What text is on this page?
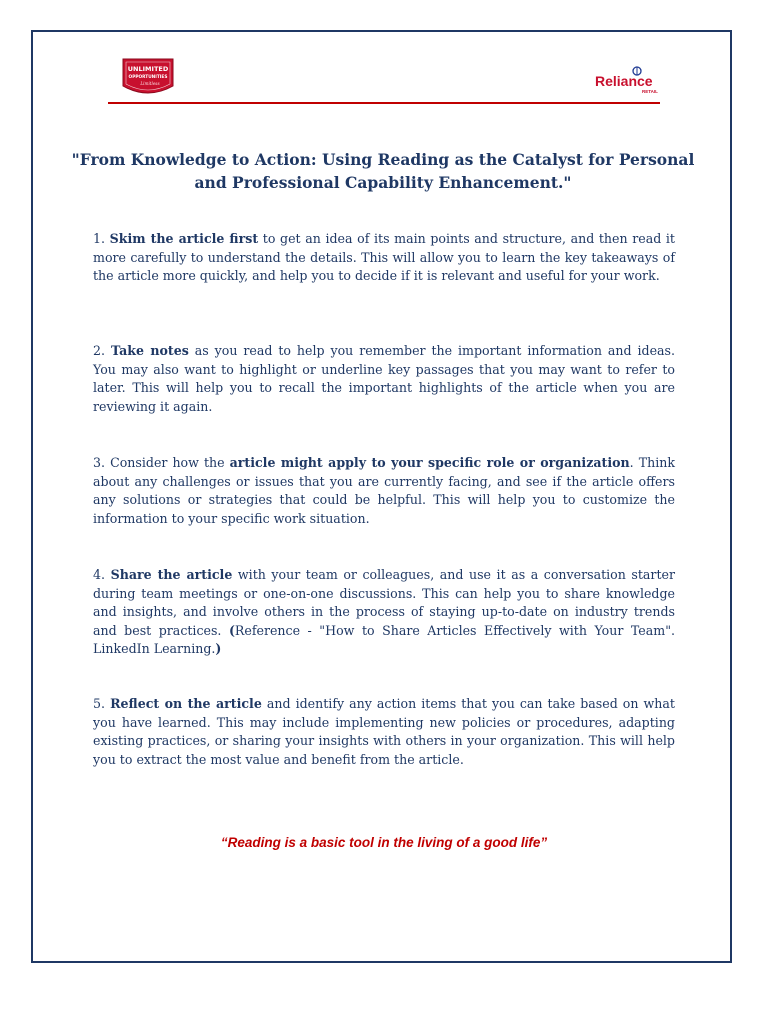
UNLIMITED
OPPORTUNITIES
Limitless	Reliance
RETAIL
"From Knowledge to Action: Using Reading as the Catalyst for Personal and Professional Capability Enhancement."

1. Skim the article first to get an idea of its main points and structure, and then read it more carefully to understand the details. This will allow you to learn the key takeaways of the article more quickly, and help you to decide if it is relevant and useful for your work.

2. Take notes as you read to help you remember the important information and ideas. You may also want to highlight or underline key passages that you may want to refer to later. This will help you to recall the important highlights of the article when you are reviewing it again.

3. Consider how the article might apply to your specific role or organization. Think about any challenges or issues that you are currently facing, and see if the article offers any solutions or strategies that could be helpful. This will help you to customize the information to your specific work situation.

4. Share the article with your team or colleagues, and use it as a conversation starter during team meetings or one-on-one discussions. This can help you to share knowledge and insights, and involve others in the process of staying up-to-date on industry trends and best practices. (Reference - "How to Share Articles Effectively with Your Team". LinkedIn Learning.)

5. Reflect on the article and identify any action items that you can take based on what you have learned. This may include implementing new policies or procedures, adapting existing practices, or sharing your insights with others in your organization. This will help you to extract the most value and benefit from the article.

“Reading is a basic tool in the living of a good life”
